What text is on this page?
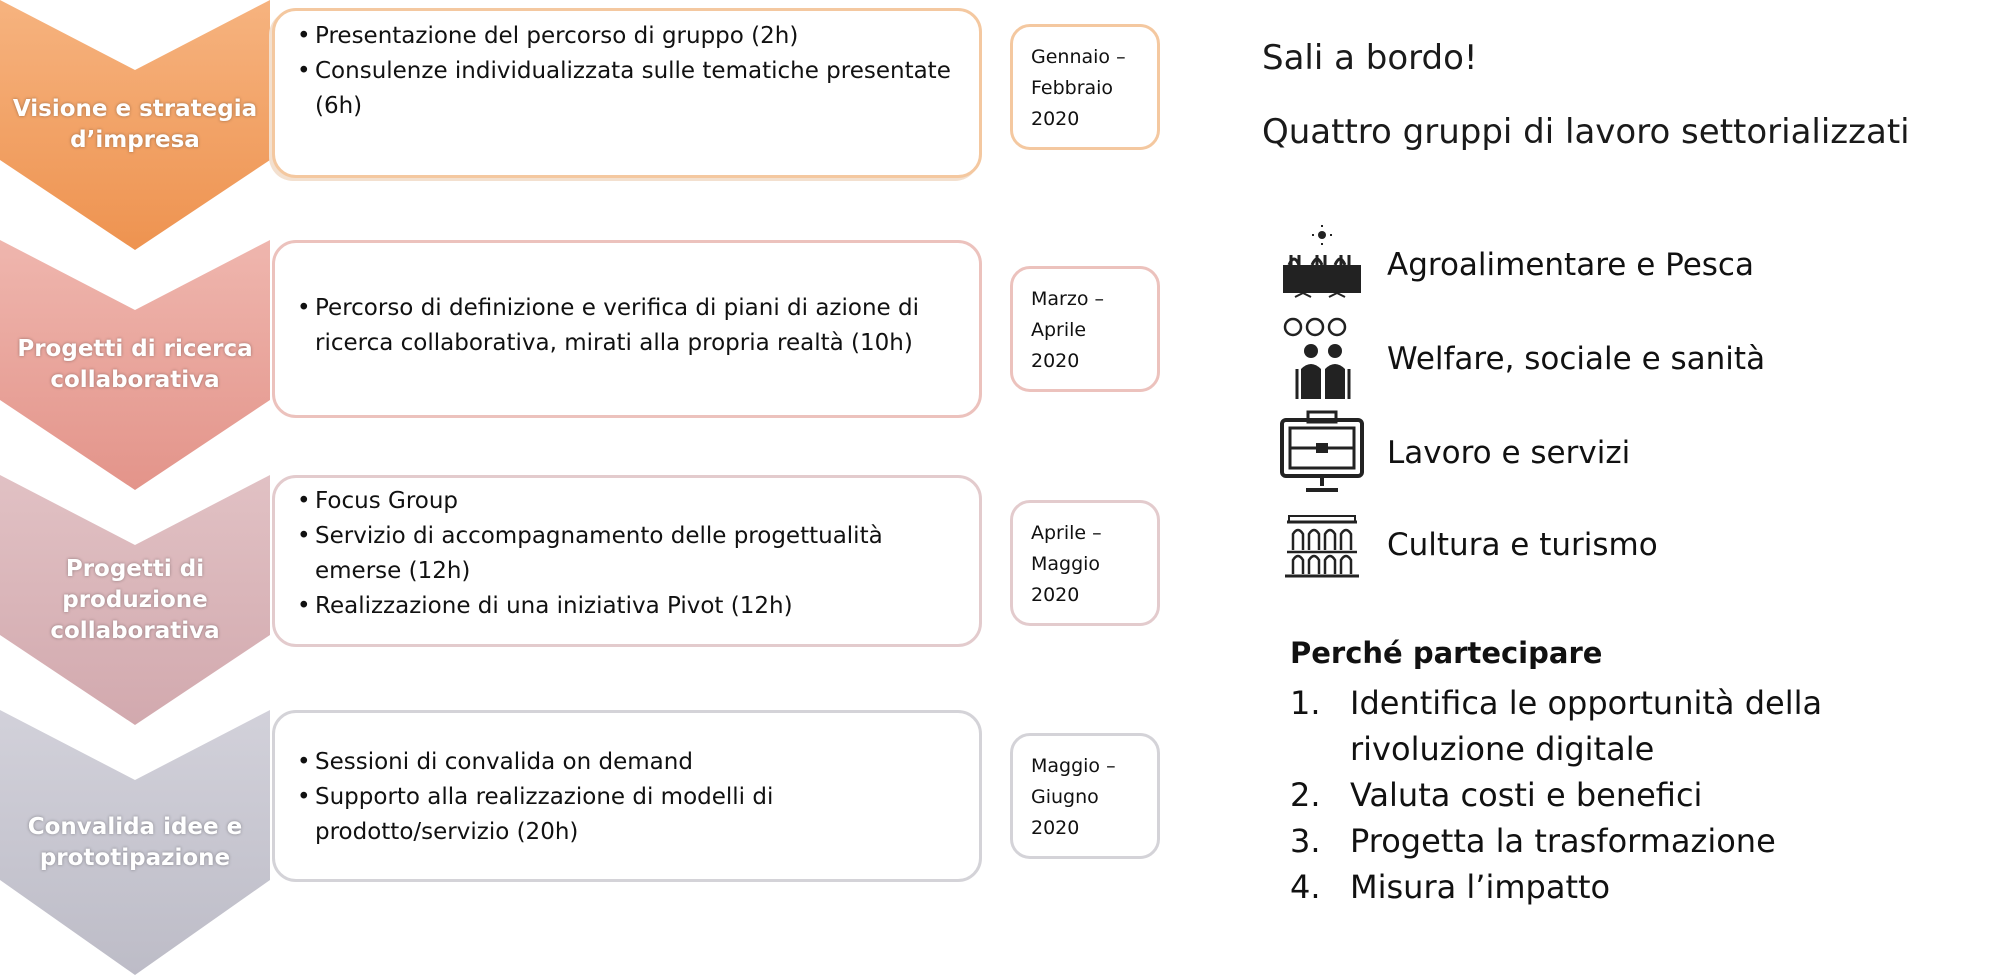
Visione e strategia d’impresa
Progetti di ricerca collaborativa
Progetti di produzione collaborativa
Convalida idee e prototipazione
• Presentazione del percorso di gruppo (2h)
• Consulenze individualizzata sulle tematiche presentate (6h)
• Percorso di definizione e verifica di piani di azione di ricerca collaborativa, mirati alla propria realtà (10h)
• Focus Group
• Servizio di accompagnamento delle progettualità emerse (12h)
• Realizzazione di una iniziativa Pivot (12h)
• Sessioni di convalida on demand
• Supporto alla realizzazione di modelli di prodotto/servizio (20h)
Gennaio –
Febbraio
2020
Marzo –
Aprile
2020
Aprile –
Maggio
2020
Maggio –
Giugno
2020
Sali a bordo!
Quattro gruppi di lavoro settorializzati
Agroalimentare e Pesca
Welfare, sociale e sanità
Lavoro e servizi
Cultura e turismo
Perché partecipare
1. Identifica le opportunità della rivoluzione digitale
2. Valuta costi e benefici
3. Progetta la trasformazione
4. Misura l’impatto
